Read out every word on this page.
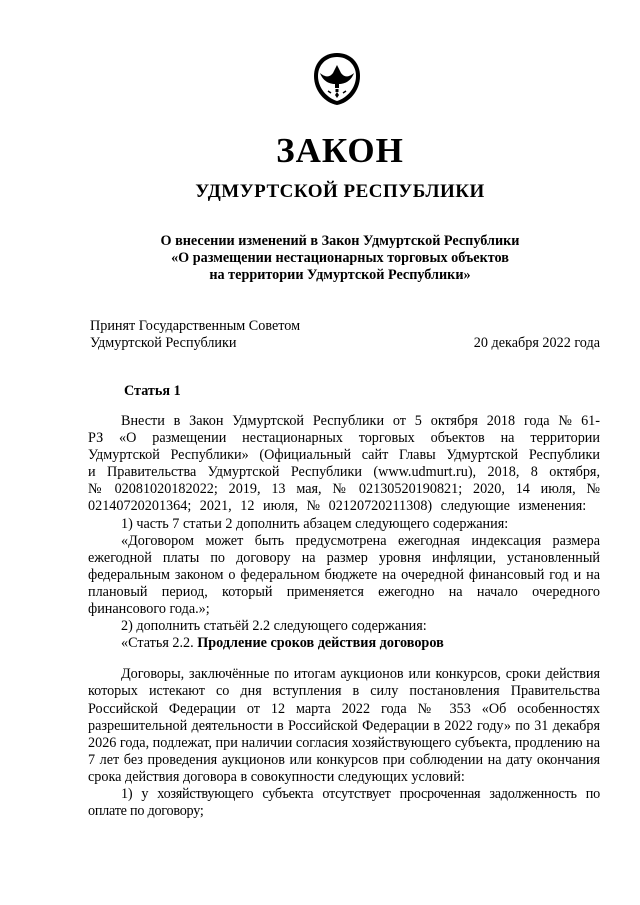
ЗАКОН
УДМУРТСКОЙ РЕСПУБЛИКИ
О внесении изменений в Закон Удмуртской Республики
«О размещении нестационарных торговых объектов
на территории Удмуртской Республики»
Принят Государственным Советом
Удмуртской Республики	20 декабря 2022 года
Статья 1

Внести в Закон Удмуртской Республики от 5 октября 2018 года № 61-РЗ «О размещении нестационарных торговых объектов на территории Удмуртской Республики» (Официальный сайт Главы Удмуртской Республики и Правительства Удмуртской Республики (www.udmurt.ru), 2018, 8 октября, № 02081020182022; 2019, 13 мая, № 02130520190821; 2020, 14 июля, № 02140720201364; 2021, 12 июля, № 02120720211308) следующие изменения:

1) часть 7 статьи 2 дополнить абзацем следующего содержания:

«Договором может быть предусмотрена ежегодная индексация размера ежегодной платы по договору на размер уровня инфляции, установленный федеральным законом о федеральном бюджете на очередной финансовый год и на плановый период, который применяется ежегодно на начало очередного финансового года.»;

2) дополнить статьёй 2.2 следующего содержания:

«Статья 2.2. Продление сроков действия договоров

Договоры, заключённые по итогам аукционов или конкурсов, сроки действия которых истекают со дня вступления в силу постановления Правительства Российской Федерации от 12 марта 2022 года № 353 «Об особенностях разрешительной деятельности в Российской Федерации в 2022 году» по 31 декабря 2026 года, подлежат, при наличии согласия хозяйствующего субъекта, продлению на 7 лет без проведения аукционов или конкурсов при соблюдении на дату окончания срока действия договора в совокупности следующих условий:

1) у хозяйствующего субъекта отсутствует просроченная задолженность по оплате по договору;
